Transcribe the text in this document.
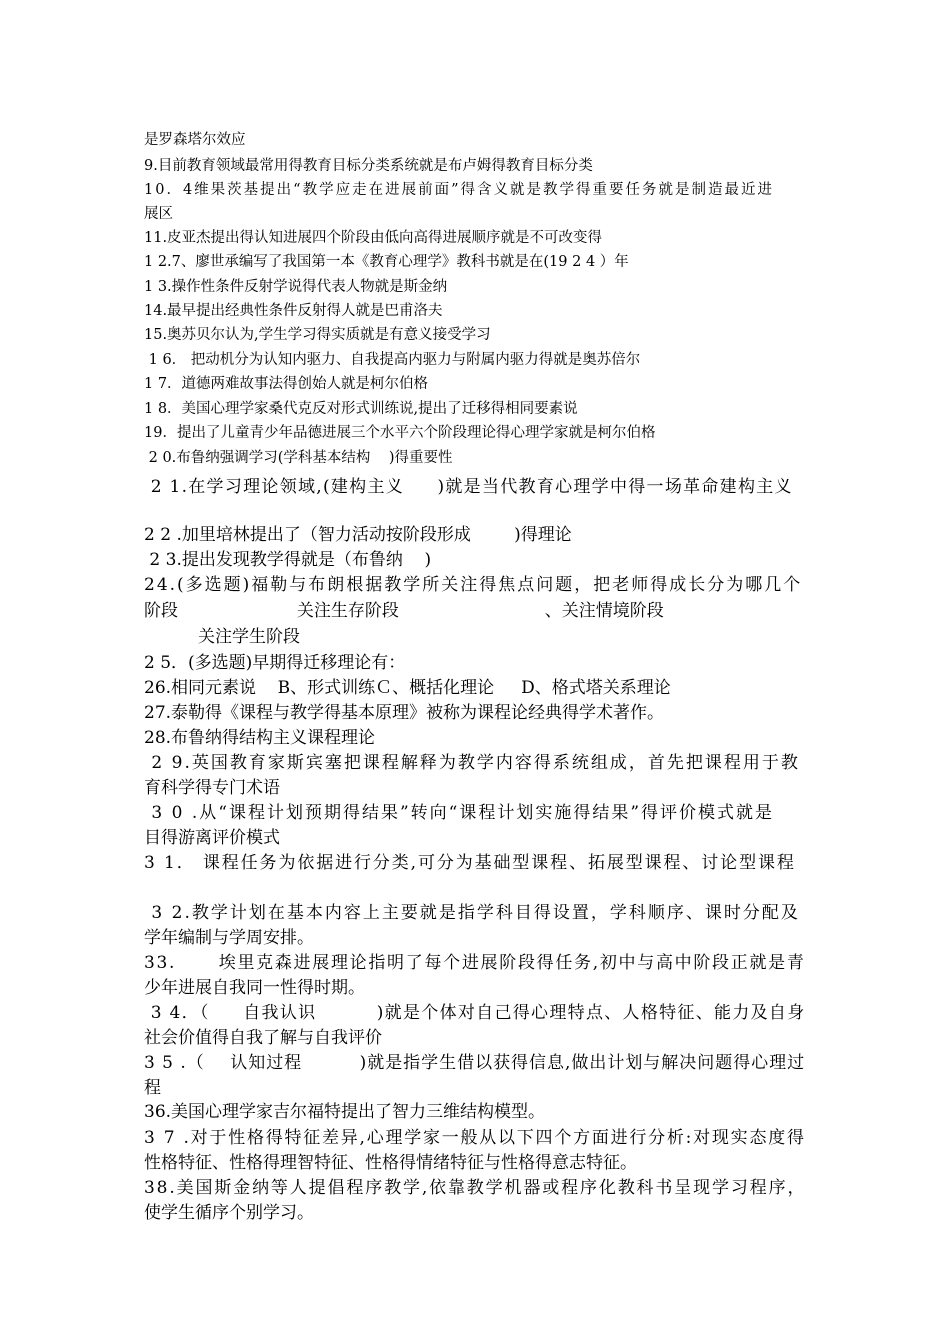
是罗森塔尔效应
9.目前教育领域最常用得教育目标分类系统就是布卢姆得教育目标分类
10．4维果茨基提出“教学应走在进展前面”得含义就是教学得重要任务就是制造最近进
展区
11.皮亚杰提出得认知进展四个阶段由低向高得进展顺序就是不可改变得
1 2.7、廖世承编写了我国第一本《教育心理学》教科书就是在(19 2 4 ）年
1 3.操作性条件反射学说得代表人物就是斯金纳
14.最早提出经典性条件反射得人就是巴甫洛夫
15.奥苏贝尔认为,学生学习得实质就是有意义接受学习
1 6． 把动机分为认知内驱力、自我提高内驱力与附属内驱力得就是奥苏倍尔
1 7．道德两难故事法得创始人就是柯尔伯格
1 8．美国心理学家桑代克反对形式训练说,提出了迁移得相同要素说
19．提出了儿童青少年品德进展三个水平六个阶段理论得心理学家就是柯尔伯格
2 0.布鲁纳强调学习(学科基本结构    )得重要性
2 1.在学习理论领域,(建构主义     )就是当代教育心理学中得一场革命建构主义
2 2 .加里培林提出了（智力活动按阶段形成        )得理论
2 3.提出发现教学得就是（布鲁纳    )
24.(多选题)福勒与布朗根据教学所关注得焦点问题，把老师得成长分为哪几个
阶段                      关注生存阶段                           、关注情境阶段
关注学生阶段
2 5．(多选题)早期得迁移理论有：
26.相同元素说    B、形式训练Ｃ、概括化理论     D、格式塔关系理论
27.泰勒得《课程与教学得基本原理》被称为课程论经典得学术著作。
28.布鲁纳得结构主义课程理论
2 9.英国教育家斯宾塞把课程解释为教学内容得系统组成，首先把课程用于教
育科学得专门术语
3 0 .从“课程计划预期得结果”转向“课程计划实施得结果”得评价模式就是
目得游离评价模式
3 1． 课程任务为依据进行分类,可分为基础型课程、拓展型课程、讨论型课程
3 2.教学计划在基本内容上主要就是指学科目得设置，学科顺序、课时分配及
学年编制与学周安排。
33.      埃里克森进展理论指明了每个进展阶段得任务,初中与高中阶段正就是青
少年进展自我同一性得时期。
3 4．（     自我认识         )就是个体对自己得心理特点、人格特征、能力及自身
社会价值得自我了解与自我评价
3 5 .（    认知过程         )就是指学生借以获得信息,做出计划与解决问题得心理过
程
36.美国心理学家吉尔福特提出了智力三维结构模型。
3 7 .对于性格得特征差异,心理学家一般从以下四个方面进行分析:对现实态度得
性格特征、性格得理智特征、性格得情绪特征与性格得意志特征。
38.美国斯金纳等人提倡程序教学,依靠教学机器或程序化教科书呈现学习程序，
使学生循序个别学习。
